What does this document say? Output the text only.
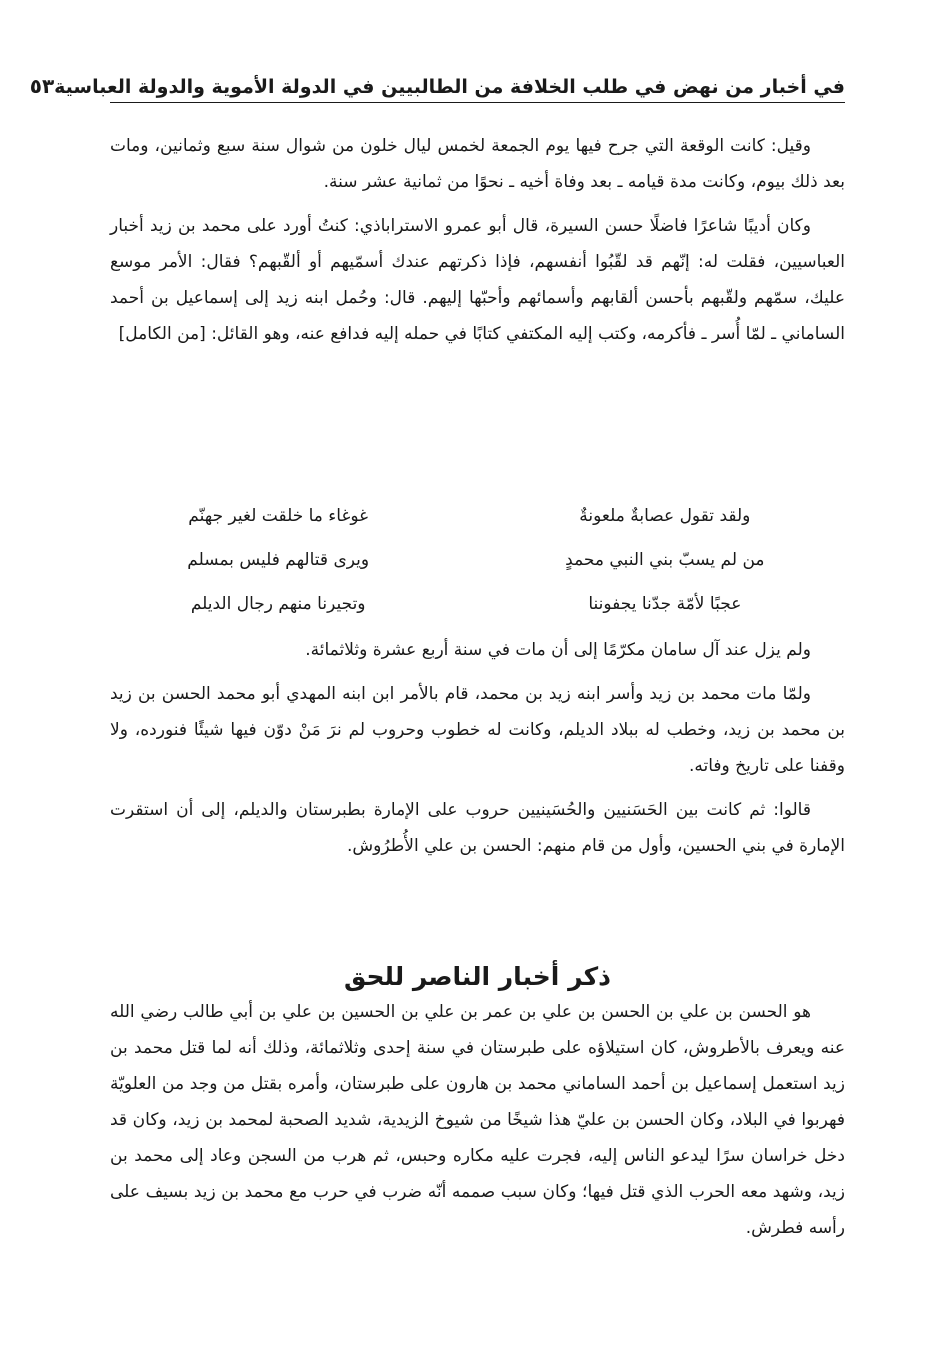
في أخبار من نهض في طلب الخلافة من الطالبيين في الدولة الأموية والدولة العباسية
٥٣

وقيل: كانت الوقعة التي جرح فيها يوم الجمعة لخمس ليال خلون من شوال سنة سبع وثمانين، ومات بعد ذلك بيوم، وكانت مدة قيامه ـ بعد وفاة أخيه ـ نحوًا من ثمانية عشر سنة.

وكان أديبًا شاعرًا فاضلًا حسن السيرة، قال أبو عمرو الاستراباذي: كنتُ أورد على محمد بن زيد أخبار العباسيين، فقلت له: إنّهم قد لقّبُوا أنفسهم، فإذا ذكرتهم عندك أسمّيهم أو ألقّبهم؟ فقال: الأمر موسع عليك، سمّهم ولقّبهم بأحسن ألقابهم وأسمائهم وأحبّها إليهم. قال: وحُمل ابنه زيد إلى إسماعيل بن أحمد الساماني ـ لمّا أُسر ـ فأكرمه، وكتب إليه المكتفي كتابًا في حمله إليه فدافع عنه، وهو القائل: [من الكامل]

ولقد تقول عصابةٌ ملعونةٌ
غوغاء ما خلقت لغير جهنّم
من لم يسبّ بني النبي محمدٍ
ويرى قتالهم فليس بمسلم
عجبًا لأمّة جدّنا يجفوننا
وتجيرنا منهم رجال الديلم

ولم يزل عند آل سامان مكرّمًا إلى أن مات في سنة أربع عشرة وثلاثمائة.

ولمّا مات محمد بن زيد وأسر ابنه زيد بن محمد، قام بالأمر ابن ابنه المهدي أبو محمد الحسن بن زيد بن محمد بن زيد، وخطب له ببلاد الديلم، وكانت له خطوب وحروب لم نرَ مَنْ دوّن فيها شيئًا فنورده، ولا وقفنا على تاريخ وفاته.

قالوا: ثم كانت بين الحَسَنيين والحُسَينيين حروب على الإمارة بطبرستان والديلم، إلى أن استقرت الإمارة في بني الحسين، وأول من قام منهم: الحسن بن علي الأُطرُوش.

ذكر أخبار الناصر للحق

هو الحسن بن علي بن الحسن بن علي بن عمر بن علي بن الحسين بن علي بن أبي طالب رضي الله عنه ويعرف بالأطروش، كان استيلاؤه على طبرستان في سنة إحدى وثلاثمائة، وذلك أنه لما قتل محمد بن زيد استعمل إسماعيل بن أحمد الساماني محمد بن هارون على طبرستان، وأمره بقتل من وجد من العلويّة فهربوا في البلاد، وكان الحسن بن عليّ هذا شيخًا من شيوخ الزيدية، شديد الصحبة لمحمد بن زيد، وكان قد دخل خراسان سرًا ليدعو الناس إليه، فجرت عليه مكاره وحبس، ثم هرب من السجن وعاد إلى محمد بن زيد، وشهد معه الحرب الذي قتل فيها؛ وكان سبب صممه أنّه ضرب في حرب مع محمد بن زيد بسيف على رأسه فطرش.
